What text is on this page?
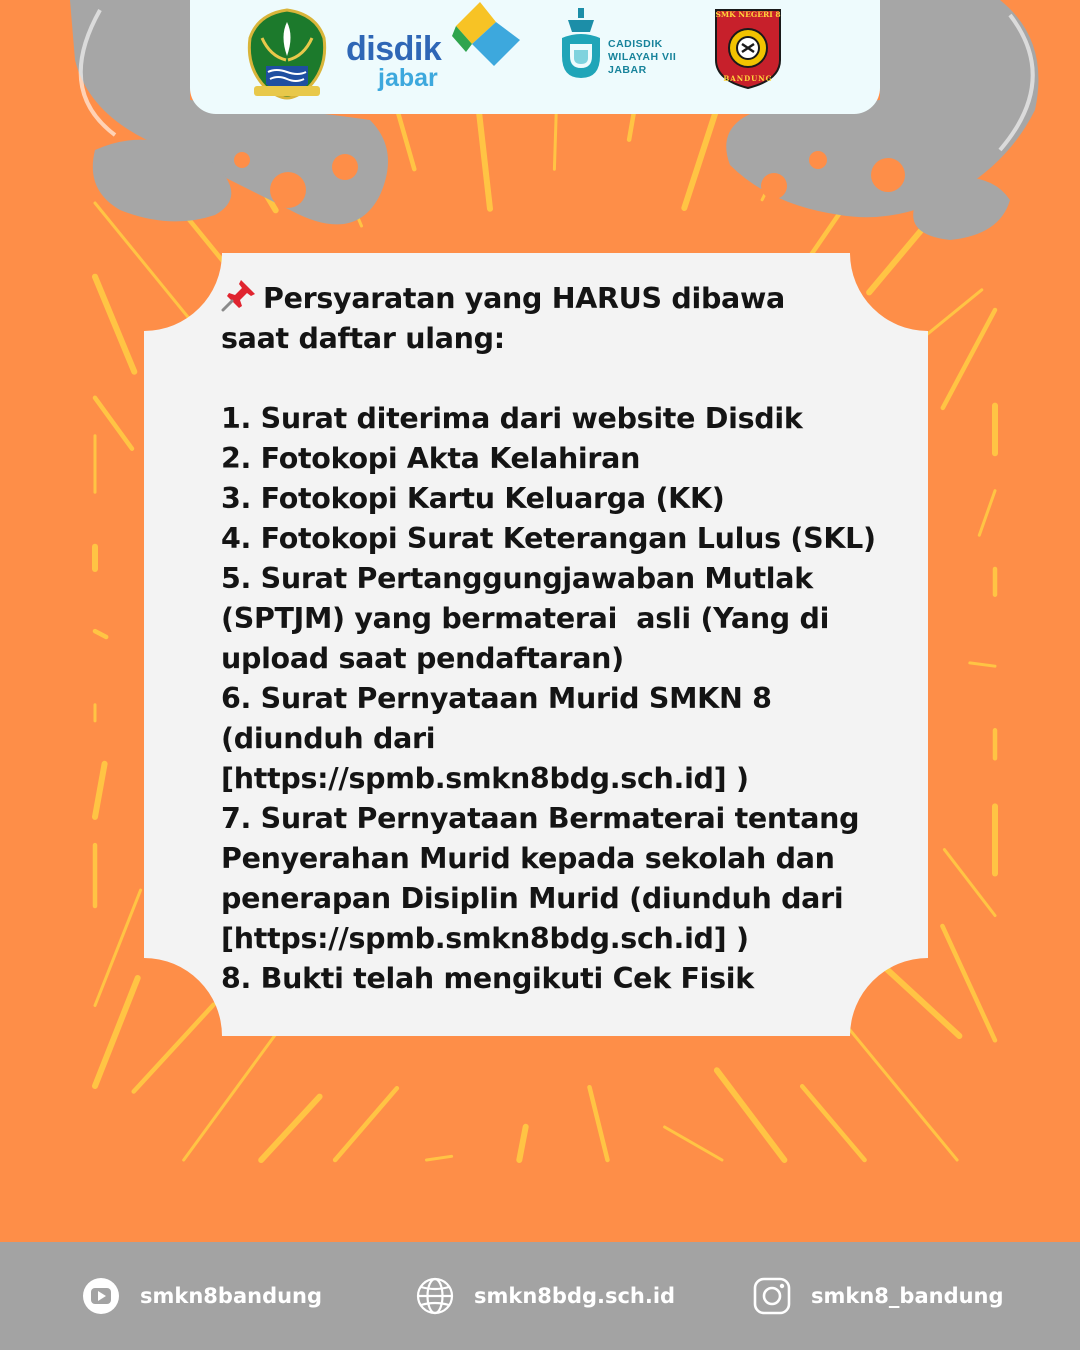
disdik
jabar
CADISDIK
WILAYAH VII
JABAR
SMK NEGERI 8
BANDUNG
Persyaratan yang HARUS dibawa
saat daftar ulang:
1. Surat diterima dari website Disdik
2. Fotokopi Akta Kelahiran
3. Fotokopi Kartu Keluarga (KK)
4. Fotokopi Surat Keterangan Lulus (SKL)
5. Surat Pertanggungjawaban Mutlak
(SPTJM) yang bermaterai  asli (Yang di
upload saat pendaftaran)
6. Surat Pernyataan Murid SMKN 8
(diunduh dari
[https://spmb.smkn8bdg.sch.id] )
7. Surat Pernyataan Bermaterai tentang
Penyerahan Murid kepada sekolah dan
penerapan Disiplin Murid (diunduh dari
[https://spmb.smkn8bdg.sch.id] )
8. Bukti telah mengikuti Cek Fisik
smkn8bandung	smkn8bdg.sch.id	smkn8_bandung
